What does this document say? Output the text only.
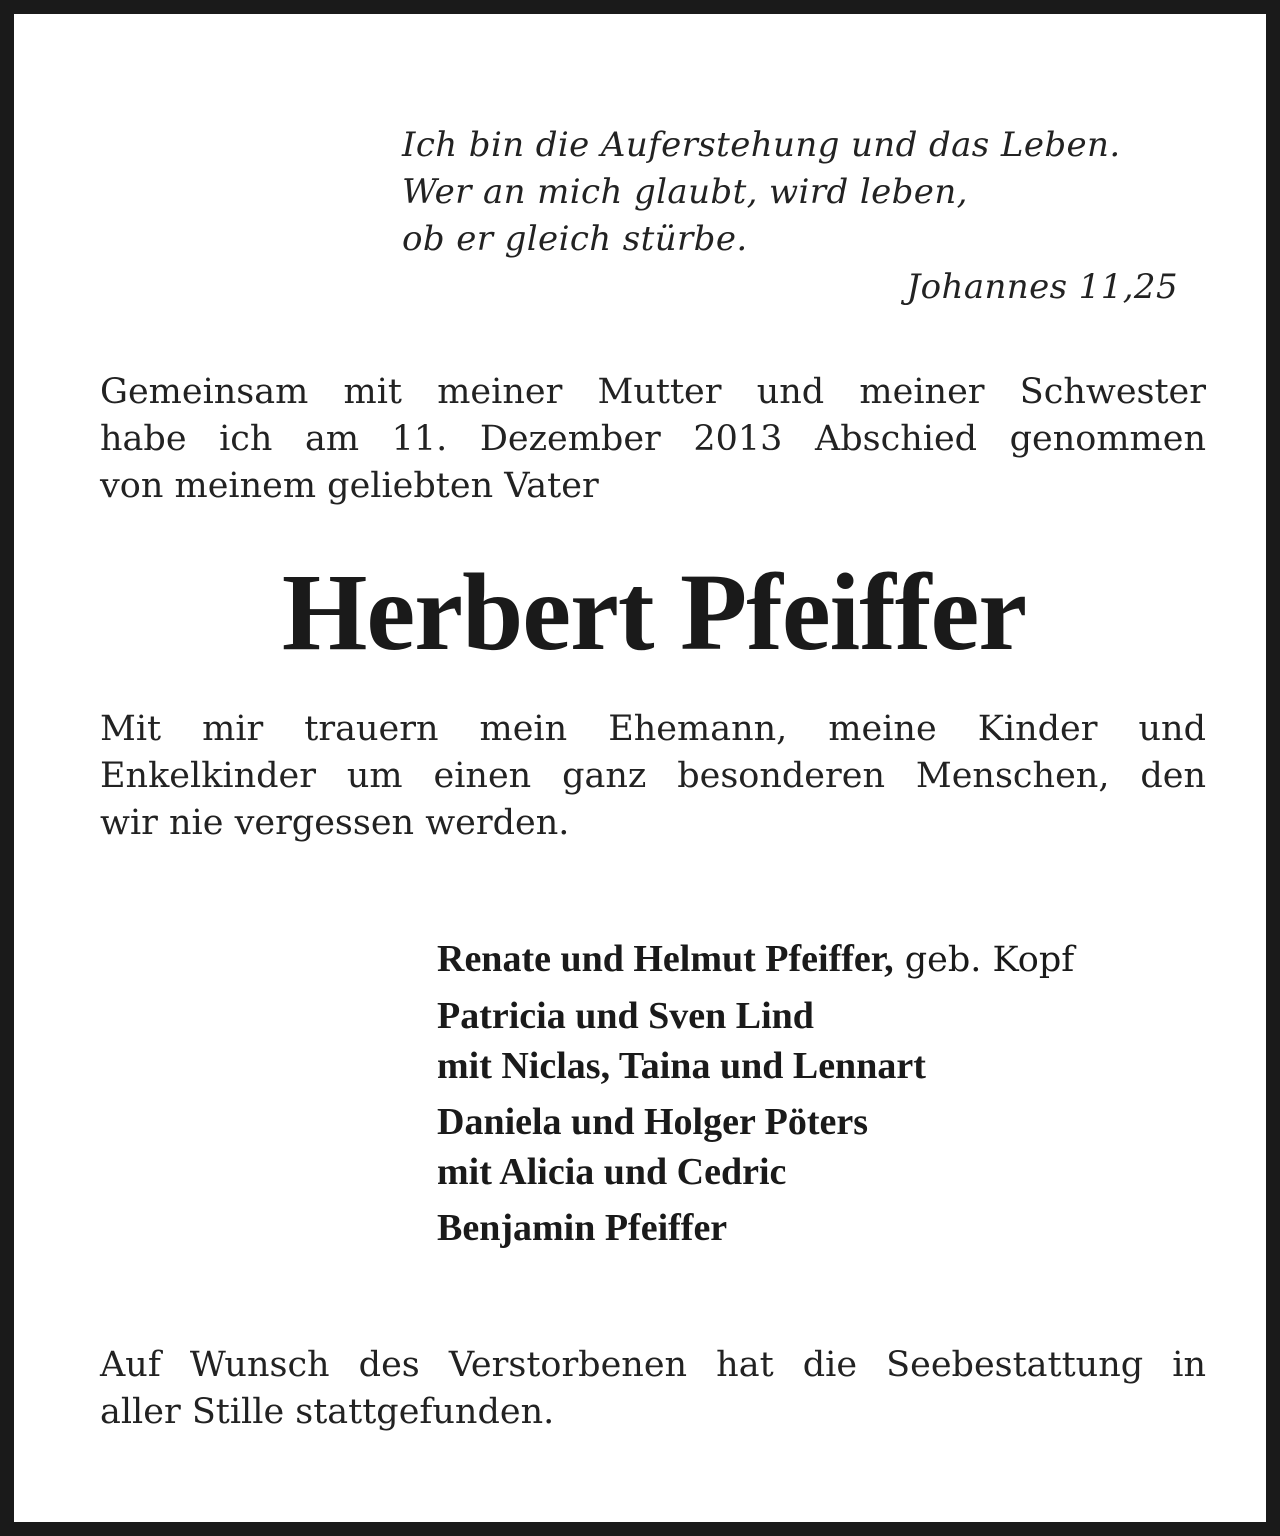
Ich bin die Auferstehung und das Leben.
Wer an mich glaubt, wird leben,
ob er gleich stürbe.
Johannes 11,25
Gemeinsam mit meiner Mutter und meiner Schwester
habe ich am 11. Dezember 2013 Abschied genommen
von meinem geliebten Vater
Herbert Pfeiffer
Mit mir trauern mein Ehemann, meine Kinder und
Enkelkinder um einen ganz besonderen Menschen, den
wir nie vergessen werden.
Renate und Helmut Pfeiffer, geb. Kopf
Patricia und Sven Lind
mit Niclas, Taina und Lennart
Daniela und Holger Pöters
mit Alicia und Cedric
Benjamin Pfeiffer
Auf Wunsch des Verstorbenen hat die Seebestattung in
aller Stille stattgefunden.
